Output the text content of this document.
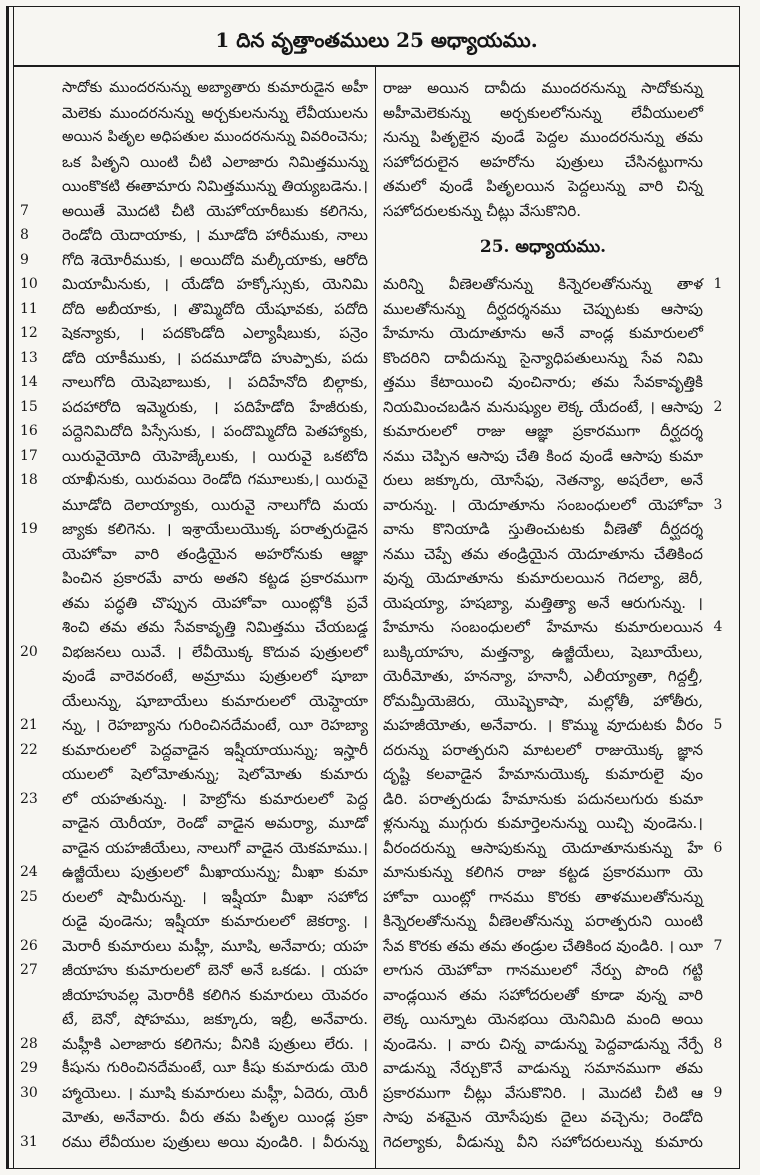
1 దిన వృత్తాంతములు 25 అధ్యాయము.
సాదోకు ముందరనున్ను అబ్యాతారు కుమారుడైన అహీ
మెలెకు ముందరనున్ను అర్చకులనున్ను లేవీయులను
అయిన పితృల అధిపతుల ముందరనున్ను వివరించెను;
ఒక పితృని యింటి చీటి ఎలాజారు నిమిత్తమున్ను
యింకొకటి ఈతామారు నిమిత్తమున్ను తియ్యబడెను.।
అయితే మొదటి చీటి యెహోయారీబుకు కలిగెను,
7
రెండోది యెదాయాకు, । మూడోది హారీముకు, నాలు
8
గోది శెయోరీముకు, । అయిదోది మల్కీయాకు, ఆరోది
9
మియామీనుకు, । యేడోది హక్కోస్సుకు, యెనిమి
10
దోది అబీయాకు, । తొమ్మిదోది యేషూవకు, పదోది
11
షెకన్యాకు, । పదకొండోది ఎల్యాషీబుకు, పన్రెం
12
డోది యాకీముకు, । పదమూడోది హుప్పాకు, పదు
13
నాలుగోది యెషెబాబుకు, । పదిహేనోది బిల్గాకు,
14
పదహారోది ఇమ్మెరుకు, । పదిహేడోది హేజీరుకు,
15
పద్దెనిమిదోది పిస్సేసుకు, । పందొమ్మిదోది పెతహ్యాకు,
16
యిరువైయోది యెహెజ్కేలుకు, । యిరువై ఒకటోది
17
యాఖీనుకు, యిరువయి రెండోది గమూలుకు,। యిరువై
18
మూడోది దెలాయ్యాకు, యిరువై నాలుగోది మయ
జ్యాకు కలిగెను. । ఇశ్రాయేలుయొక్క పరాత్పరుడైన
19
యెహోవా వారి తండ్రియైన అహరోనుకు ఆజ్ఞా
పించిన ప్రకారమే వారు అతని కట్టడ ప్రకారముగా
తమ పద్ధతి చొప్పున యెహోవా యింట్లోకి ప్రవే
శించి తమ తమ సేవకావృత్తి నిమిత్తము చేయబడ్డ
విభజనలు యివే. । లేవీయొక్క కొదువ పుత్రులలో
20
వుండే వారెవరంటే, అమ్రాము పుత్రులలో షూబా
యేలున్ను, షూబాయేలు కుమారులలో యెహ్దెయా
న్ను, । రెహబ్యాను గురించినదేమంటే, యీ రెహబ్యా
21
కుమారులలో పెద్దవాడైన ఇష్షీయాయున్ను; ఇస్హారీ
22
యులలో షెలోమోతున్ను; షెలోమోతు కుమారు
లో యహతున్ను. । హెబ్రోను కుమారులలో పెద్ద
23
వాడైన యెరీయా, రెండో వాడైన అమర్యా, మూడో
వాడైన యహజీయేలు, నాలుగో వాడైన యెకమాము.।
ఉజ్జీయేలు పుత్రులలో మీఖాయున్ను; మీఖా కుమా
24
రులలో షామీరున్ను. । ఇష్షీయా మీఖా సహోద
25
రుడై వుండెను; ఇష్షీయా కుమారులలో జెకర్యా. ।
మెరారీ కుమారులు మహ్లీ, మూషి, అనేవారు; యహ
26
జీయాహు కుమారులలో బెనో అనే ఒకడు. । యహ
27
జీయాహువల్ల మెరారీకి కలిగిన కుమారులు యెవరం
టే, బెనో, షోహము, జక్కూరు, ఇబ్రీ, అనేవారు.
మహ్లీకి ఎలాజారు కలిగెను; వీనికి పుత్రులు లేరు. ।
28
కీషును గురించినదేమంటే, యీ కీషు కుమారుడు యెరి
29
హ్మాయెలు. । మూషి కుమారులు మహ్లీ, ఏదెరు, యెరీ
30
మోతు, అనేవారు. వీరు తమ పితృల యిండ్ల ప్రకా
రము లేవీయుల పుత్రులు అయి వుండిరి. । వీరున్ను
31
రాజు అయిన దావీదు ముందరనున్ను సాదోకున్ను
అహీమెలెకున్ను అర్చకులలోనున్ను లేవీయులలో
నున్ను పితృలైన వుండే పెద్దల ముందరనున్ను తమ
సహోదరులైన అహరోను పుత్రులు చేసినట్టుగాను
తమలో వుండే పితృలయిన పెద్దలున్ను వారి చిన్న
సహోదరులకున్ను చీట్లు వేసుకొనిరి.
25. అధ్యాయము.
మరిన్ని వీణెలతోనున్ను కిన్నెరలతోనున్ను తాళ 1
ములతోనున్ను దీర్ఘదర్శనము చెప్పుటకు ఆసాపు
హేమాను యెదూతూను అనే వాండ్ల కుమారులలో
కొందరిని దావీదున్ను సైన్యాధిపతులున్ను సేవ నిమి
త్తము కేటాయించి వుంచినారు; తమ సేవకావృత్తికి
నియమించబడిన మనుష్యుల లెక్క యేదంటే, । ఆసాపు 2
కుమారులలో రాజు ఆజ్ఞా ప్రకారముగా దీర్ఘదర్శ
నము చెప్పిన ఆసాపు చేతి కింద వుండే ఆసాపు కుమా
రులు జక్కూరు, యోసేఫు, నెతన్యా, అషరేలా, అనే
వారున్ను. । యెదూతూను సంబంధులలో యెహోవా 3
వాను కొనియాడి స్తుతించుటకు వీణెతో దీర్ఘదర్శ
నము చెప్పే తమ తండ్రియైన యెదూతూను చేతికింద
వున్న యెదూతూను కుమారులయిన గెదల్యా, జెరీ,
యెషయ్యా, హషబ్యా, మత్తిత్యా అనే ఆరుగున్ను. ।
హేమాను సంబంధులలో హేమాను కుమారులయిన 4
బుక్కియాహు, మత్తన్యా, ఉజ్జీయేలు, షెబూయేలు,
యెరీమోతు, హనన్యా, హనానీ, ఎలీయ్యాతా, గిద్దల్తీ,
రోమమ్తీయెజెరు, యొష్బెకాషా, మల్లోతీ, హోతీరు,
మహజీయోతు, అనేవారు. । కొమ్ము వూదుటకు వీరం 5
దరున్ను పరాత్పరుని మాటలలో రాజుయొక్క జ్ఞాన
దృష్టి కలవాడైన హేమానుయొక్క కుమారులై వుం
డిరి. పరాత్పరుడు హేమానుకు పదునలుగురు కుమా
ళ్లనున్ను ముగ్గురు కుమార్తెలనున్ను యిచ్చి వుండెను.।
వీరందరున్ను ఆసాపుకున్ను యెదూతూనుకున్ను హే 6
మానుకున్ను కలిగిన రాజు కట్టడ ప్రకారముగా యె
హోవా యింట్లో గానము కొరకు తాళములతోనున్ను
కిన్నెరలతోనున్ను వీణెలతోనున్ను పరాత్పరుని యింటి
సేవ కొరకు తమ తమ తండ్రుల చేతికింద వుండిరి. । యీ 7
లాగున యెహోవా గానములలో నేర్పు పొంది గట్టి
వాండ్లయిన తమ సహోదరులతో కూడా వున్న వారి
లెక్క యిన్నూట యెనభయి యెనిమిది మంది అయి
వుండెను. । వారు చిన్న వాడున్ను పెద్దవాడున్ను నేర్పే 8
వాడున్ను నేర్చుకొనే వాడున్ను సమానముగా తమ
ప్రకారముగా చీట్లు వేసుకొనిరి. । మొదటి చీటి ఆ 9
సాపు వశమైన యోసేపుకు దైలు వచ్చెను; రెండోది
గెదల్యాకు, వీడున్ను వీని సహోదరులున్ను కుమారు
